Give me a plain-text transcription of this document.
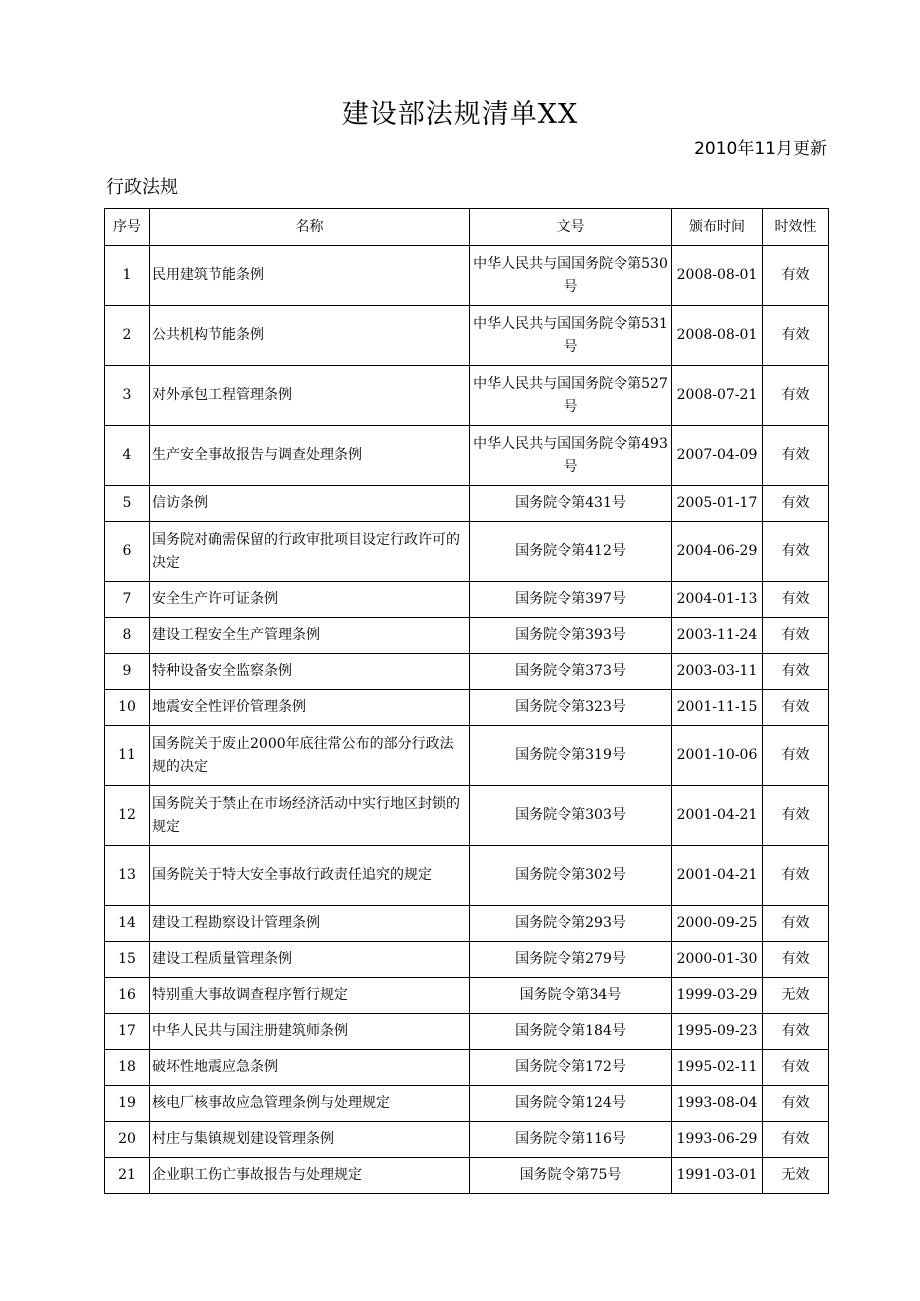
建设部法规清单XX
2010年11月更新
行政法规
序号	名称	文号	颁布时间	时效性
1	民用建筑节能条例	中华人民共与国国务院令第530号	2008-08-01	有效
2	公共机构节能条例	中华人民共与国国务院令第531号	2008-08-01	有效
3	对外承包工程管理条例	中华人民共与国国务院令第527号	2008-07-21	有效
4	生产安全事故报告与调查处理条例	中华人民共与国国务院令第493号	2007-04-09	有效
5	信访条例	国务院令第431号	2005-01-17	有效
6	国务院对确需保留的行政审批项目设定行政许可的决定	国务院令第412号	2004-06-29	有效
7	安全生产许可证条例	国务院令第397号	2004-01-13	有效
8	建设工程安全生产管理条例	国务院令第393号	2003-11-24	有效
9	特种设备安全监察条例	国务院令第373号	2003-03-11	有效
10	地震安全性评价管理条例	国务院令第323号	2001-11-15	有效
11	国务院关于废止2000年底往常公布的部分行政法规的决定	国务院令第319号	2001-10-06	有效
12	国务院关于禁止在市场经济活动中实行地区封锁的规定	国务院令第303号	2001-04-21	有效
13	国务院关于特大安全事故行政责任追究的规定	国务院令第302号	2001-04-21	有效
14	建设工程勘察设计管理条例	国务院令第293号	2000-09-25	有效
15	建设工程质量管理条例	国务院令第279号	2000-01-30	有效
16	特别重大事故调查程序暂行规定	国务院令第34号	1999-03-29	无效
17	中华人民共与国注册建筑师条例	国务院令第184号	1995-09-23	有效
18	破坏性地震应急条例	国务院令第172号	1995-02-11	有效
19	核电厂核事故应急管理条例与处理规定	国务院令第124号	1993-08-04	有效
20	村庄与集镇规划建设管理条例	国务院令第116号	1993-06-29	有效
21	企业职工伤亡事故报告与处理规定	国务院令第75号	1991-03-01	无效
